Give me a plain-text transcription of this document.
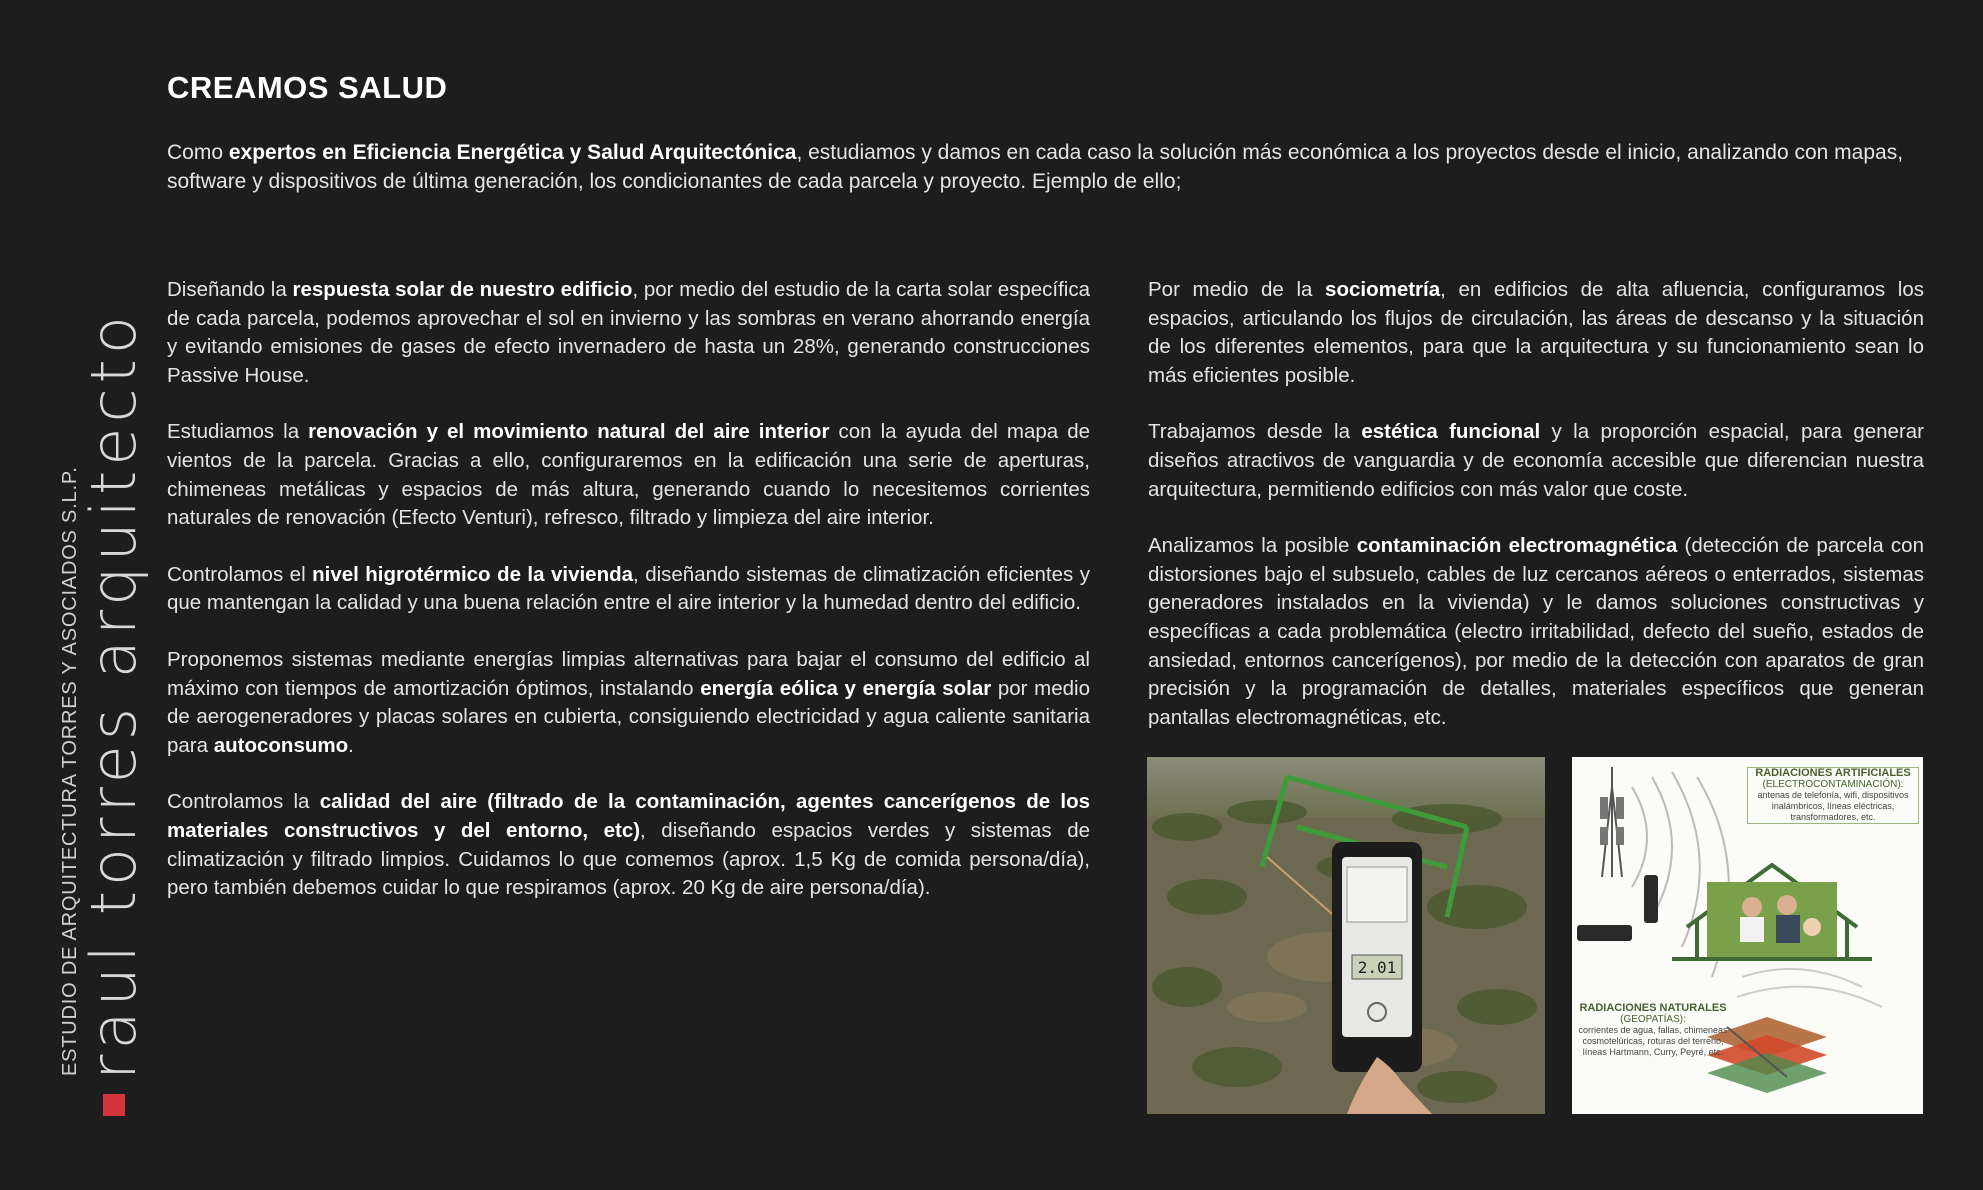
CREAMOS SALUD

Como expertos en Eficiencia Energética y Salud Arquitectónica, estudiamos y damos en cada caso la solución más económica a los proyectos desde el inicio, analizando con mapas, software y dispositivos de última generación, los condicionantes de cada parcela y proyecto. Ejemplo de ello;

Diseñando la respuesta solar de nuestro edificio, por medio del estudio de la carta solar específica de cada parcela, podemos aprovechar el sol en invierno y las sombras en verano ahorrando energía y evitando emisiones de gases de efecto invernadero de hasta un 28%, generando construcciones Passive House.

Estudiamos la renovación y el movimiento natural del aire interior con la ayuda del mapa de vientos de la parcela. Gracias a ello, configuraremos en la edificación una serie de aperturas, chimeneas metálicas y espacios de más altura, generando cuando lo necesitemos corrientes naturales de renovación (Efecto Venturi), refresco, filtrado y limpieza del aire interior.

Controlamos el nivel higrotérmico de la vivienda, diseñando sistemas de climatización eficientes y que mantengan la calidad y una buena relación entre el aire interior y la humedad dentro del edificio.

Proponemos sistemas mediante energías limpias alternativas para bajar el consumo del edificio al máximo con tiempos de amortización óptimos, instalando energía eólica y energía solar por medio de aerogeneradores y placas solares en cubierta, consiguiendo electricidad y agua caliente sanitaria para autoconsumo.

Controlamos la calidad del aire (filtrado de la contaminación, agentes cancerígenos de los materiales constructivos y del entorno, etc), diseñando espacios verdes y sistemas de climatización y filtrado limpios. Cuidamos lo que comemos (aprox. 1,5 Kg de comida persona/día), pero también debemos cuidar lo que respiramos (aprox. 20 Kg de aire persona/día).

Por medio de la sociometría, en edificios de alta afluencia, configuramos los espacios, articulando los flujos de circulación, las áreas de descanso y la situación de los diferentes elementos, para que la arquitectura y su funcionamiento sean lo más eficientes posible.

Trabajamos desde la estética funcional y la proporción espacial, para generar diseños atractivos de vanguardia y de economía accesible que diferencian nuestra arquitectura, permitiendo edificios con más valor que coste.

Analizamos la posible contaminación electromagnética (detección de parcela con distorsiones bajo el subsuelo, cables de luz cercanos aéreos o enterrados, sistemas generadores instalados en la vivienda) y le damos soluciones constructivas y específicas a cada problemática (electro irritabilidad, defecto del sueño, estados de ansiedad, entornos cancerígenos), por medio de la detección con aparatos de gran precisión y la programación de detalles, materiales específicos que generan pantallas electromagnéticas, etc.

raul torres arquitecto
ESTUDIO DE ARQUITECTURA TORRES Y ASOCIADOS S.L.P.	2.01
RADIACIONES ARTIFICIALES
(ELECTROCONTAMINACIÓN):
antenas de telefonía, wifi, dispositivos inalámbricos, líneas eléctricas, transformadores, etc.
RADIACIONES NATURALES
(GEOPATÍAS):
corrientes de agua, fallas, chimeneas cosmotelúricas, roturas del terreno, líneas Hartmann, Curry, Peyré, etc.
